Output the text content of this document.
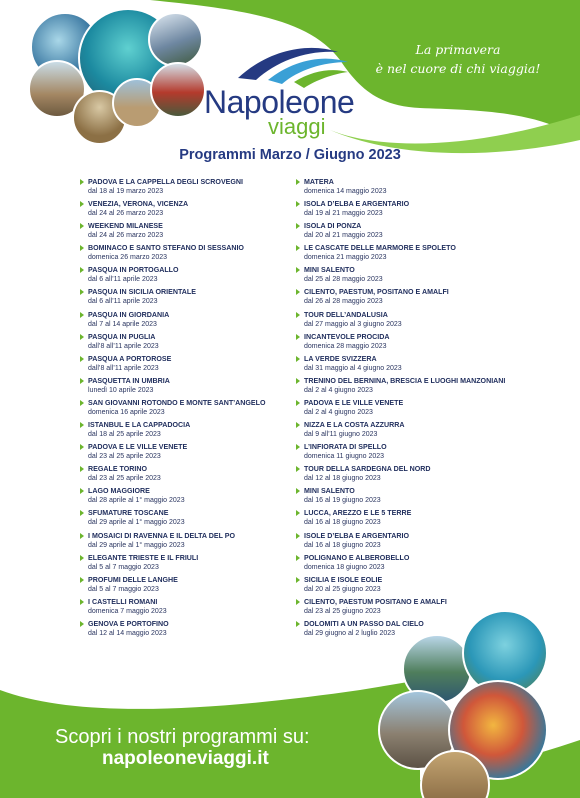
La primavera
è nel cuore di chi viaggia!
Napoleone
viaggi
Programmi Marzo / Giugno 2023
PADOVA E LA CAPPELLA DEGLI SCROVEGNI
dal 18 al 19 marzo 2023
VENEZIA, VERONA, VICENZA
dal 24 al 26 marzo 2023
WEEKEND MILANESE
dal 24 al 26 marzo 2023
BOMINACO E SANTO STEFANO DI SESSANIO
domenica 26 marzo 2023
PASQUA IN PORTOGALLO
dal 6 all’11 aprile 2023
PASQUA IN SICILIA ORIENTALE
dal 6 all’11 aprile 2023
PASQUA IN GIORDANIA
dal 7 al 14 aprile 2023
PASQUA IN PUGLIA
dall’8 all’11 aprile 2023
PASQUA A PORTOROSE
dall’8 all’11 aprile 2023
PASQUETTA IN UMBRIA
lunedì 10 aprile 2023
SAN GIOVANNI ROTONDO E MONTE SANT’ANGELO
domenica 16 aprile 2023
ISTANBUL E LA CAPPADOCIA
dal 18 al 25 aprile 2023
PADOVA E LE VILLE VENETE
dal 23 al 25 aprile 2023
REGALE TORINO
dal 23 al 25 aprile 2023
LAGO MAGGIORE
dal 28 aprile al 1° maggio 2023
SFUMATURE TOSCANE
dal 29 aprile al 1° maggio 2023
I MOSAICI DI RAVENNA E IL DELTA DEL PO
dal 29 aprile al 1° maggio 2023
ELEGANTE TRIESTE E IL FRIULI
dal 5 al 7 maggio 2023
PROFUMI DELLE LANGHE
dal 5 al 7 maggio 2023
I CASTELLI ROMANI
domenica 7 maggio 2023
GENOVA E PORTOFINO
dal 12 al 14 maggio 2023
MATERA
domenica 14 maggio 2023
ISOLA D’ELBA E ARGENTARIO
dal 19 al 21 maggio 2023
ISOLA DI PONZA
dal 20 al 21 maggio 2023
LE CASCATE DELLE MARMORE E SPOLETO
domenica 21 maggio 2023
MINI SALENTO
dal 25 al 28 maggio 2023
CILENTO, PAESTUM, POSITANO E AMALFI
dal 26 al 28 maggio 2023
TOUR DELL’ANDALUSIA
dal 27 maggio al 3 giugno 2023
INCANTEVOLE PROCIDA
domenica 28 maggio 2023
LA VERDE SVIZZERA
dal 31 maggio al 4 giugno 2023
TRENINO DEL BERNINA, BRESCIA E LUOGHI MANZONIANI
dal 2 al 4 giugno 2023
PADOVA E LE VILLE VENETE
dal 2 al 4 giugno 2023
NIZZA E LA COSTA AZZURRA
dal 9 all’11 giugno 2023
L’INFIORATA DI SPELLO
domenica 11 giugno 2023
TOUR DELLA SARDEGNA DEL NORD
dal 12 al 18 giugno 2023
MINI SALENTO
dal 16 al 19 giugno 2023
LUCCA, AREZZO E LE 5 TERRE
dal 16 al 18 giugno 2023
ISOLE D’ELBA E ARGENTARIO
dal 16 al 18 giugno 2023
POLIGNANO E ALBEROBELLO
domenica 18 giugno 2023
SICILIA E ISOLE EOLIE
dal 20 al 25 giugno 2023
CILENTO, PAESTUM POSITANO E AMALFI
dal 23 al 25 giugno 2023
DOLOMITI A UN PASSO DAL CIELO
dal 29 giugno al 2 luglio 2023
Scopri i nostri programmi su:
napoleoneviaggi.it
